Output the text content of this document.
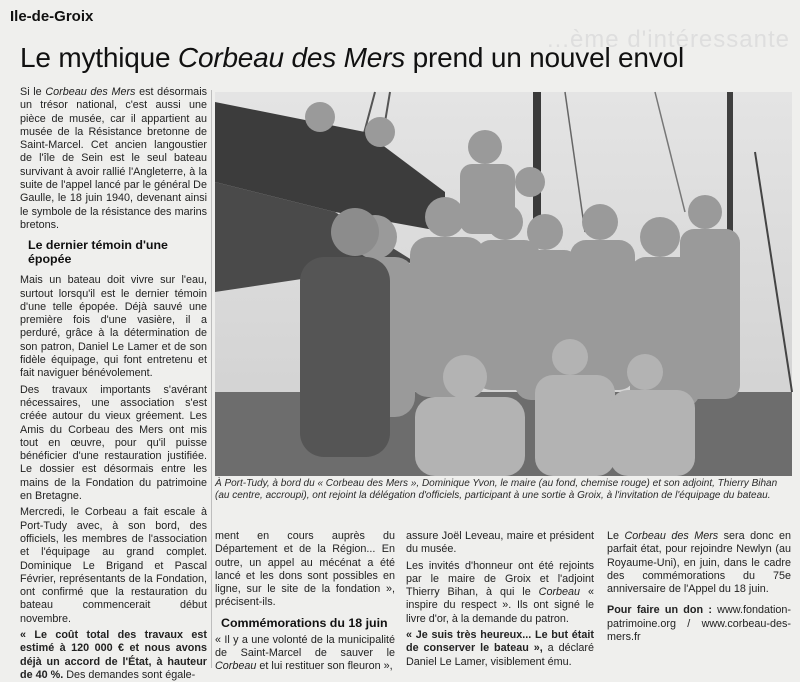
Ile-de-Groix
...ème d'intéressante
Le mythique Corbeau des Mers prend un nouvel envol

Si le Corbeau des Mers est désormais un trésor national, c'est aussi une pièce de musée, car il appartient au musée de la Résistance bretonne de Saint-Marcel. Cet ancien langoustier de l'île de Sein est le seul bateau survivant à avoir rallié l'Angleterre, à la suite de l'appel lancé par le général De Gaulle, le 18 juin 1940, devenant ainsi le symbole de la résistance des marins bretons.

Le dernier témoin d'une épopée

Mais un bateau doit vivre sur l'eau, surtout lorsqu'il est le dernier témoin d'une telle épopée. Déjà sauvé une première fois d'une vasière, il a perduré, grâce à la détermination de son patron, Daniel Le Lamer et de son fidèle équipage, qui font entretenu et fait naviguer bénévolement.

Des travaux importants s'avérant nécessaires, une association s'est créée autour du vieux gréement. Les Amis du Corbeau des Mers ont mis tout en œuvre, pour qu'il puisse bénéficier d'une restauration justifiée. Le dossier est désormais entre les mains de la Fondation du patrimoine en Bretagne.

Mercredi, le Corbeau a fait escale à Port-Tudy avec, à son bord, des officiels, les membres de l'association et l'équipage au grand complet. Dominique Le Brigand et Pascal Février, représentants de la Fondation, ont confirmé que la restauration du bateau commencerait début novembre.

« Le coût total des travaux est estimé à 120 000 € et nous avons déjà un accord de l'État, à hauteur de 40 %. Des demandes sont égale-

À Port-Tudy, à bord du « Corbeau des Mers », Dominique Yvon, le maire (au fond, chemise rouge) et son adjoint, Thierry Bihan (au centre, accroupi), ont rejoint la délégation d'officiels, participant à une sortie à Groix, à l'invitation de l'équipage du bateau.

ment en cours auprès du Département et de la Région... En outre, un appel au mécénat a été lancé et les dons sont possibles en ligne, sur le site de la fondation », précisent-ils.

Commémorations du 18 juin

« Il y a une volonté de la municipalité de Saint-Marcel de sauver le Corbeau et lui restituer son fleuron »,

assure Joël Leveau, maire et président du musée.

Les invités d'honneur ont été rejoints par le maire de Groix et l'adjoint Thierry Bihan, à qui le Corbeau « inspire du respect ». Ils ont signé le livre d'or, à la demande du patron.

« Je suis très heureux... Le but était de conserver le bateau », a déclaré Daniel Le Lamer, visiblement ému.

Le Corbeau des Mers sera donc en parfait état, pour rejoindre Newlyn (au Royaume-Uni), en juin, dans le cadre des commémorations du 75e anniversaire de l'Appel du 18 juin.

Pour faire un don : www.fondation-patrimoine.org / www.corbeau-des-mers.fr
